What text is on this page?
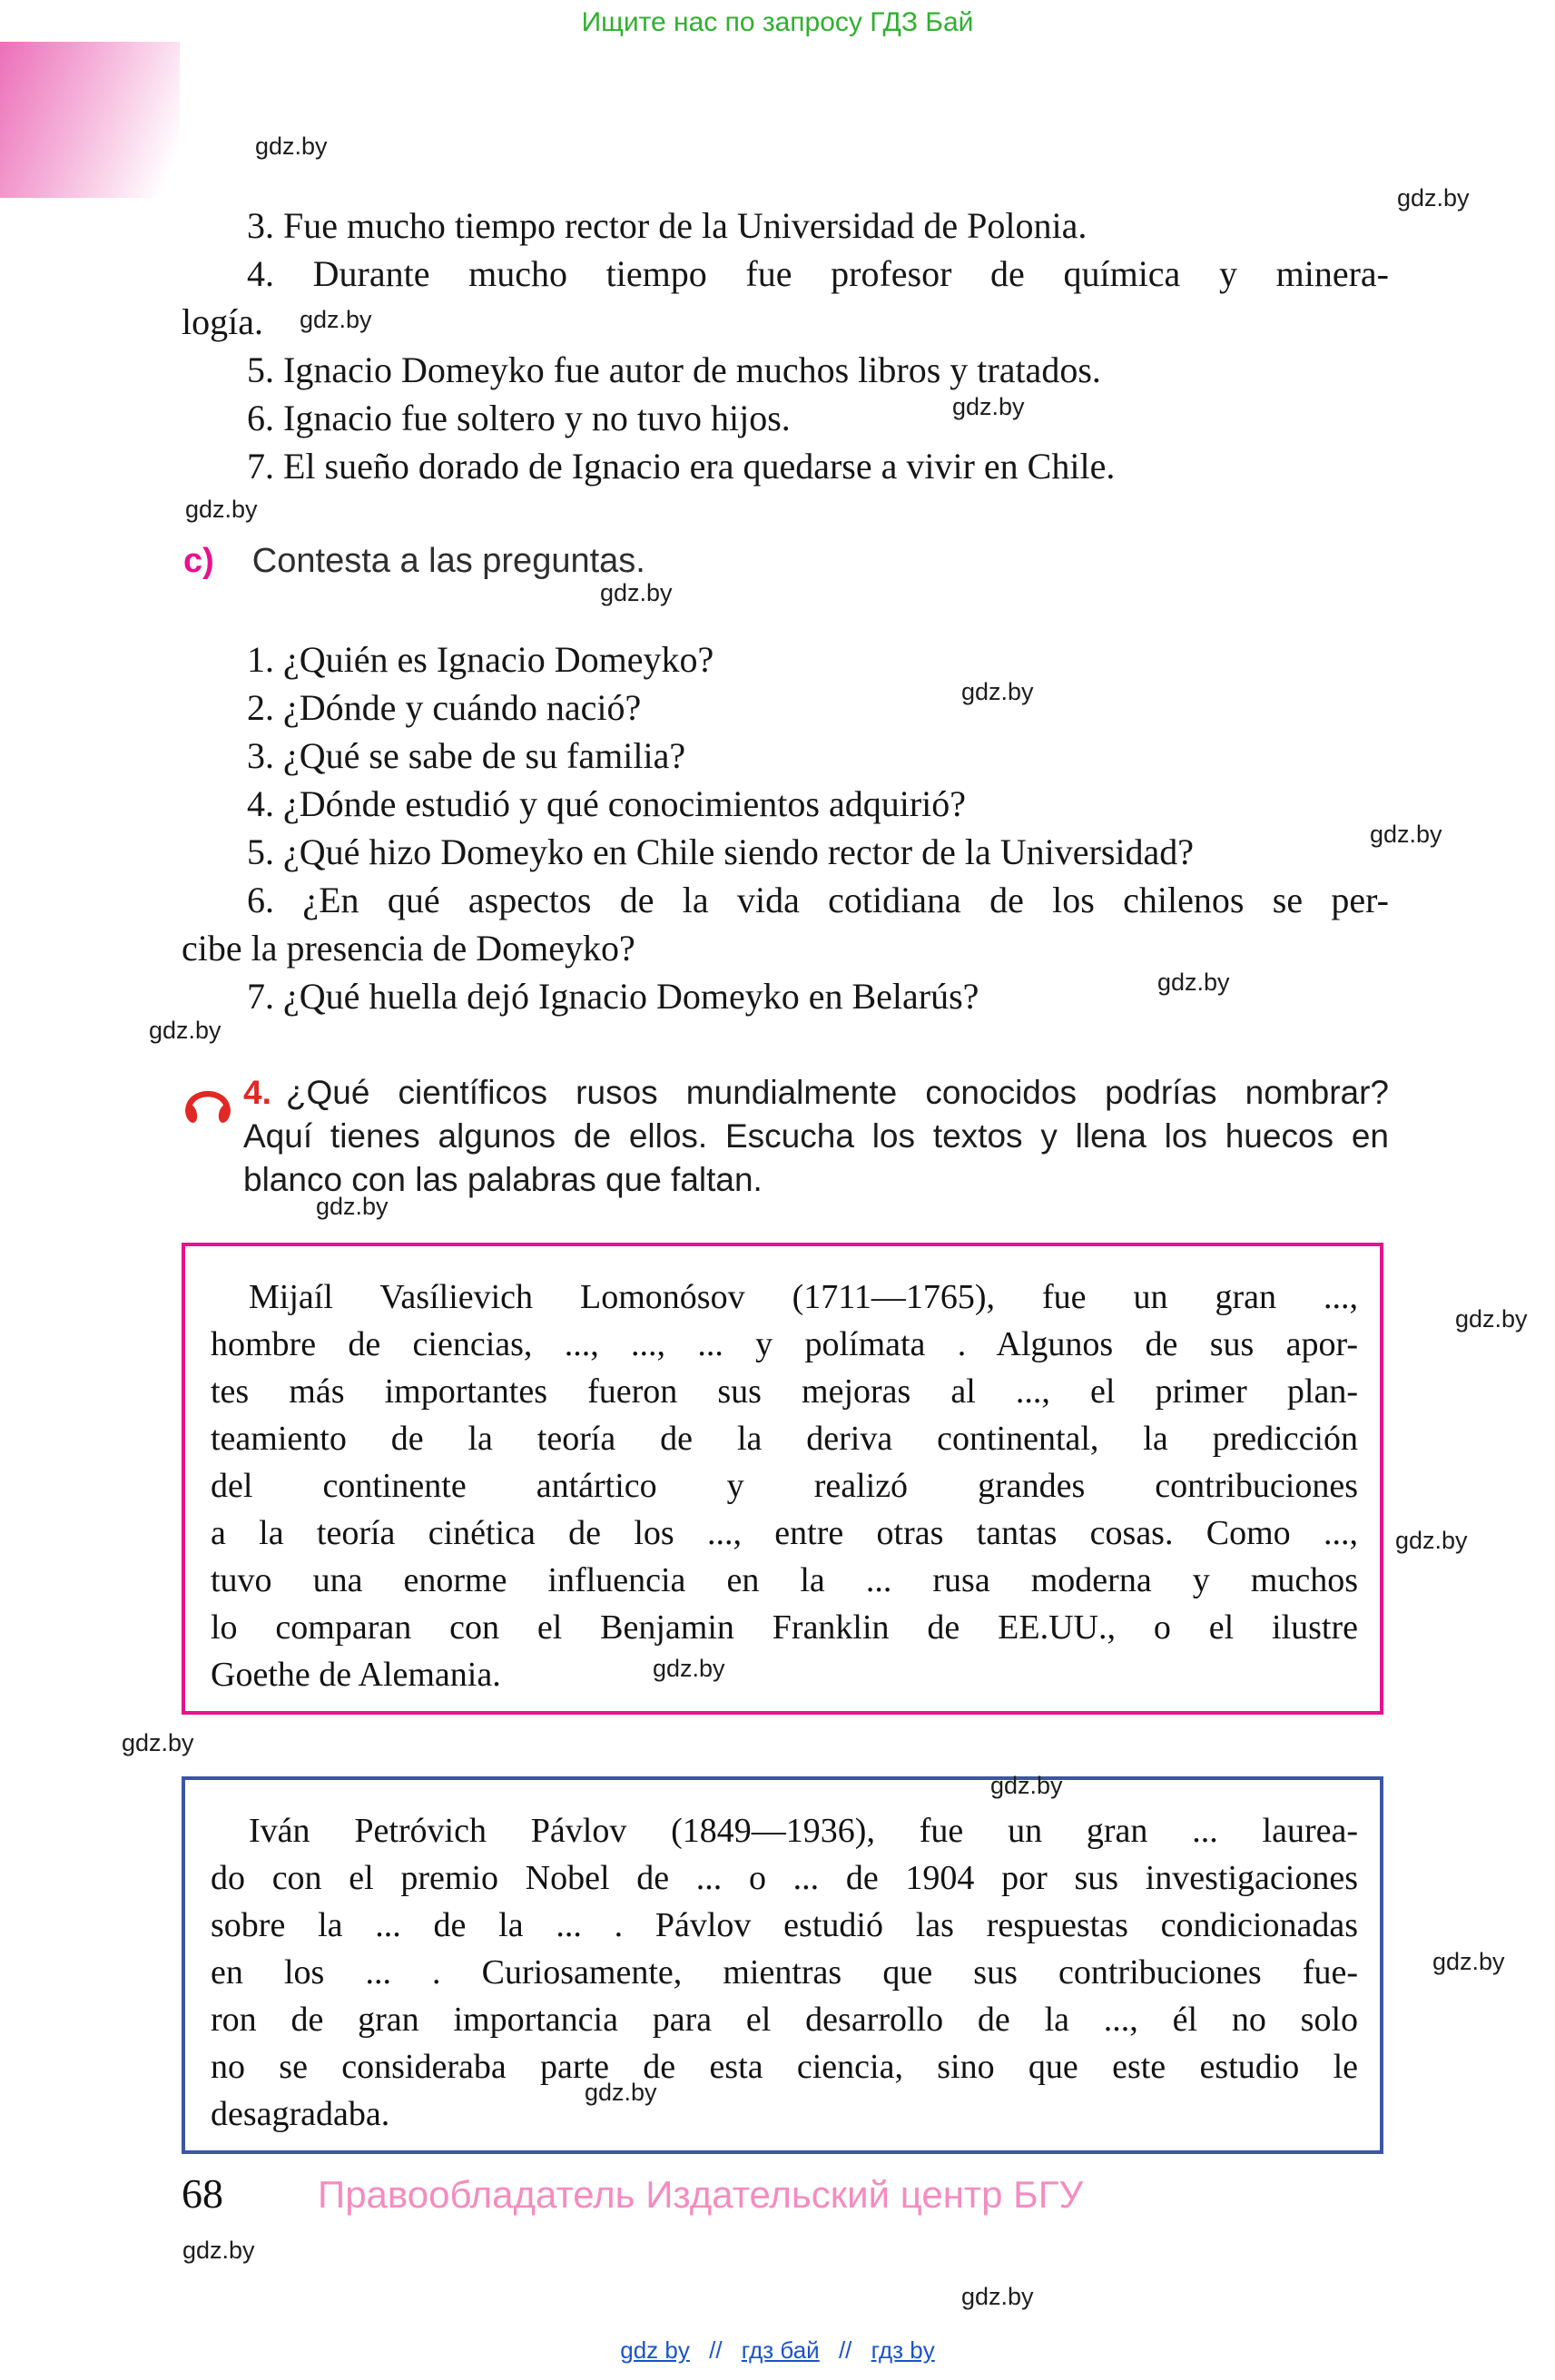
Ищите нас по запросу ГДЗ Бай
3. Fue mucho tiempo rector de la Universidad de Polonia.
4. Durante mucho tiempo fue profesor de química y minera-
logía.
5. Ignacio Domeyko fue autor de muchos libros y tratados.
6. Ignacio fue soltero y no tuvo hijos.
7. El sueño dorado de Ignacio era quedarse a vivir en Chile.
c) Contesta a las preguntas.
1. ¿Quién es Ignacio Domeyko?
2. ¿Dónde y cuándo nació?
3. ¿Qué se sabe de su familia?
4. ¿Dónde estudió y qué conocimientos adquirió?
5. ¿Qué hizo Domeyko en Chile siendo rector de la Universidad?
6. ¿En qué aspectos de la vida cotidiana de los chilenos se per-
cibe la presencia de Domeyko?
7. ¿Qué huella dejó Ignacio Domeyko en Belarús?
4. ¿Qué científicos rusos mundialmente conocidos podrías nombrar?
Aquí tienes algunos de ellos. Escucha los textos y llena los huecos en
blanco con las palabras que faltan.
Mijaíl Vasílievich Lomonósov (1711—1765), fue un gran ...,
hombre de ciencias, ..., ..., ... y polímata . Algunos de sus apor-
tes más importantes fueron sus mejoras al ..., el primer plan-
teamiento de la teoría de la deriva continental, la predicción
del continente antártico y realizó grandes contribuciones
a la teoría cinética de los ..., entre otras tantas cosas. Como ...,
tuvo una enorme influencia en la ... rusa moderna y muchos
lo comparan con el Benjamin Franklin de EE.UU., o el ilustre
Goethe de Alemania.
Iván Petróvich Pávlov (1849—1936), fue un gran ... laurea-
do con el premio Nobel de ... o ... de 1904 por sus investigaciones
sobre la ... de la ... . Pávlov estudió las respuestas condicionadas
en los ... . Curiosamente, mientras que sus contribuciones fue-
ron de gran importancia para el desarrollo de la ..., él no solo
no se consideraba parte de esta ciencia, sino que este estudio le
desagradaba.
68 Правообладатель Издательский центр БГУ
gdz by // гдз бай // гдз by
gdz.by
gdz.by
gdz.by
gdz.by
gdz.by
gdz.by
gdz.by
gdz.by
gdz.by
gdz.by
gdz.by
gdz.by
gdz.by
gdz.by
gdz.by
gdz.by
gdz.by
gdz.by
gdz.by
gdz.by
